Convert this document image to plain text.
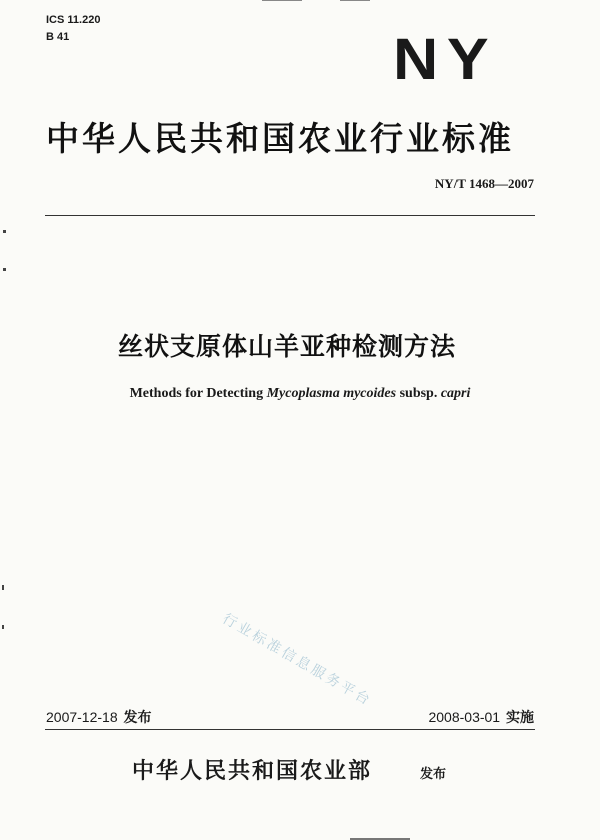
ICS 11.220
B 41	NY
中华人民共和国农业行业标准
NY/T 1468—2007
丝状支原体山羊亚种检测方法
Methods for Detecting Mycoplasma mycoides subsp. capri
行业标准信息服务平台
2007-12-18 发布	2008-03-01 实施
中华人民共和国农业部	发布
